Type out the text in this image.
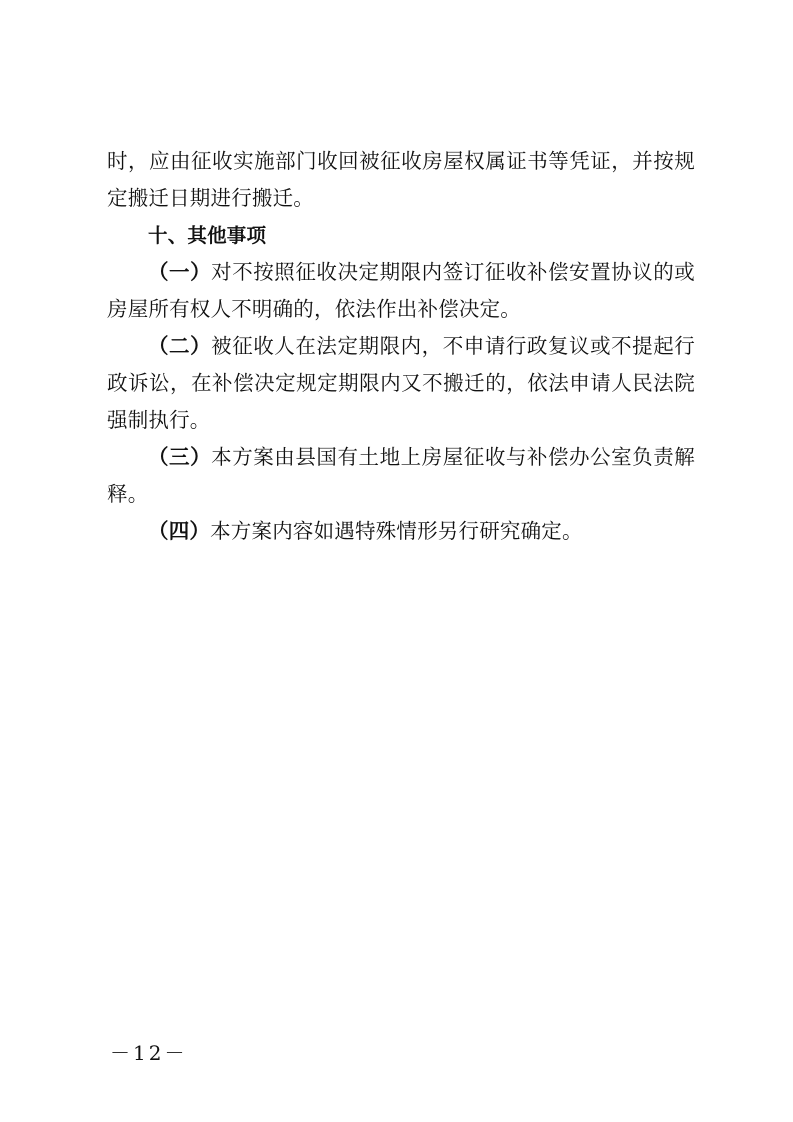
时，应由征收实施部门收回被征收房屋权属证书等凭证，并按规定搬迁日期进行搬迁。

十、其他事项

（一）对不按照征收决定期限内签订征收补偿安置协议的或房屋所有权人不明确的，依法作出补偿决定。

（二）被征收人在法定期限内，不申请行政复议或不提起行政诉讼，在补偿决定规定期限内又不搬迁的，依法申请人民法院强制执行。

（三）本方案由县国有土地上房屋征收与补偿办公室负责解释。

（四）本方案内容如遇特殊情形另行研究确定。

－12－
